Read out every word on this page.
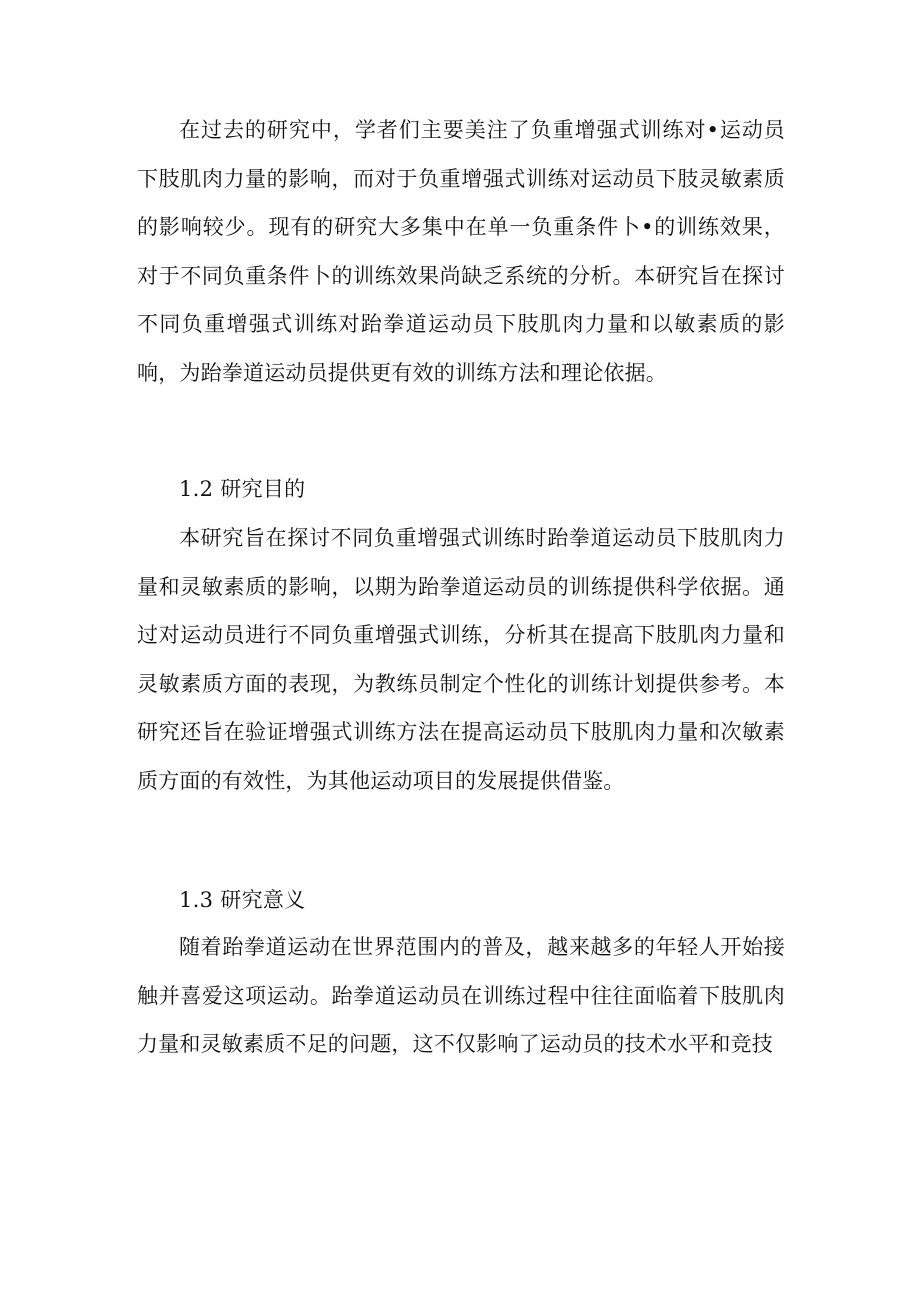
在过去的研究中，学者们主要美注了负重增强式训练对•运动员下肢肌肉力量的影响，而对于负重增强式训练对运动员下肢灵敏素质的影响较少。现有的研究大多集中在单一负重条件卜•的训练效果，对于不同负重条件卜的训练效果尚缺乏系统的分析。本研究旨在探讨不同负重增强式训练对跆拳道运动员下肢肌肉力量和以敏素质的影响，为跆拳道运动员提供更有效的训练方法和理论依据。

1.2 研究目的

本研究旨在探讨不同负重增强式训练时跆拳道运动员下肢肌肉力量和灵敏素质的影响，以期为跆拳道运动员的训练提供科学依据。通过对运动员进行不同负重增强式训练，分析其在提高下肢肌肉力量和灵敏素质方面的表现，为教练员制定个性化的训练计划提供参考。本研究还旨在验证增强式训练方法在提高运动员下肢肌肉力量和次敏素质方面的有效性，为其他运动项目的发展提供借鉴。

1.3 研究意义

随着跆拳道运动在世界范围内的普及，越来越多的年轻人开始接触并喜爱这项运动。跆拳道运动员在训练过程中往往面临着下肢肌肉力量和灵敏素质不足的问题，这不仅影响了运动员的技术水平和竞技
